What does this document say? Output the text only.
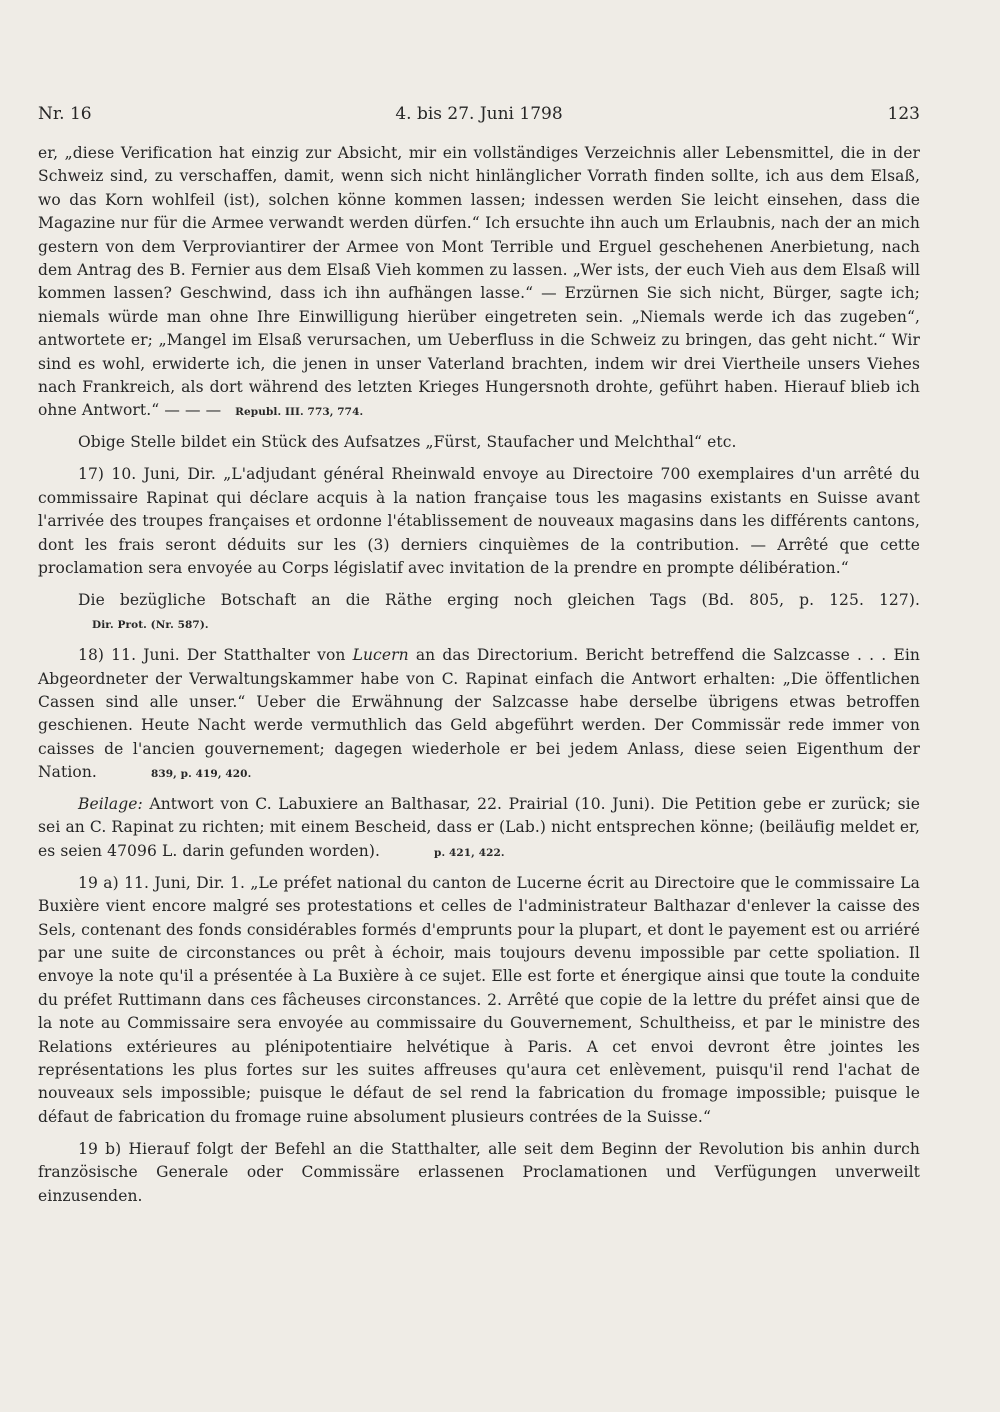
Nr. 16	4. bis 27. Juni 1798	123

er, „diese Verification hat einzig zur Absicht, mir ein vollständiges Verzeichnis aller Lebensmittel, die in der Schweiz sind, zu verschaffen, damit, wenn sich nicht hinlänglicher Vorrath finden sollte, ich aus dem Elsaß, wo das Korn wohlfeil (ist), solchen könne kommen lassen; indessen werden Sie leicht einsehen, dass die Magazine nur für die Armee verwandt werden dürfen.“ Ich ersuchte ihn auch um Erlaubnis, nach der an mich gestern von dem Verproviantirer der Armee von Mont Terrible und Erguel geschehenen Anerbietung, nach dem Antrag des B. Fernier aus dem Elsaß Vieh kommen zu lassen. „Wer ists, der euch Vieh aus dem Elsaß will kommen lassen? Geschwind, dass ich ihn aufhängen lasse.“ — Erzürnen Sie sich nicht, Bürger, sagte ich; niemals würde man ohne Ihre Einwilligung hierüber eingetreten sein. „Niemals werde ich das zugeben“, antwortete er; „Mangel im Elsaß verursachen, um Ueberfluss in die Schweiz zu bringen, das geht nicht.“ Wir sind es wohl, erwiderte ich, die jenen in unser Vaterland brachten, indem wir drei Viertheile unsers Viehes nach Frankreich, als dort während des letzten Krieges Hungersnoth drohte, geführt haben. Hierauf blieb ich ohne Antwort.“ — — — Republ. III. 773, 774.

Obige Stelle bildet ein Stück des Aufsatzes „Fürst, Staufacher und Melchthal“ etc.

17) 10. Juni, Dir. „L'adjudant général Rheinwald envoye au Directoire 700 exemplaires d'un arrêté du commissaire Rapinat qui déclare acquis à la nation française tous les magasins existants en Suisse avant l'arrivée des troupes françaises et ordonne l'établissement de nouveaux magasins dans les différents cantons, dont les frais seront déduits sur les (3) derniers cinquièmes de la contribution. — Arrêté que cette proclamation sera envoyée au Corps législatif avec invitation de la prendre en prompte délibération.“

Die bezügliche Botschaft an die Räthe erging noch gleichen Tags (Bd. 805, p. 125. 127).Dir. Prot. (Nr. 587).

18) 11. Juni. Der Statthalter von Lucern an das Directorium. Bericht betreffend die Salzcasse . . . Ein Abgeordneter der Verwaltungskammer habe von C. Rapinat einfach die Antwort erhalten: „Die öffentlichen Cassen sind alle unser.“ Ueber die Erwähnung der Salzcasse habe derselbe übrigens etwas betroffen geschienen. Heute Nacht werde vermuthlich das Geld abgeführt werden. Der Commissär rede immer von caisses de l'ancien gouvernement; dagegen wiederhole er bei jedem Anlass, diese seien Eigenthum der Nation.	839, p. 419, 420.

Beilage: Antwort von C. Labuxiere an Balthasar, 22. Prairial (10. Juni). Die Petition gebe er zurück; sie sei an C. Rapinat zu richten; mit einem Bescheid, dass er (Lab.) nicht entsprechen könne; (beiläufig meldet er, es seien 47096 L. darin gefunden worden).	p. 421, 422.

19 a) 11. Juni, Dir. 1. „Le préfet national du canton de Lucerne écrit au Directoire que le commissaire La Buxière vient encore malgré ses protestations et celles de l'administrateur Balthazar d'enlever la caisse des Sels, contenant des fonds considérables formés d'emprunts pour la plupart, et dont le payement est ou arriéré par une suite de circonstances ou prêt à échoir, mais toujours devenu impossible par cette spoliation. Il envoye la note qu'il a présentée à La Buxière à ce sujet. Elle est forte et énergique ainsi que toute la conduite du préfet Ruttimann dans ces fâcheuses circonstances. 2. Arrêté que copie de la lettre du préfet ainsi que de la note au Commissaire sera envoyée au commissaire du Gouvernement, Schultheiss, et par le ministre des Relations extérieures au plénipotentiaire helvétique à Paris. A cet envoi devront être jointes les représentations les plus fortes sur les suites affreuses qu'aura cet enlèvement, puisqu'il rend l'achat de nouveaux sels impossible; puisque le défaut de sel rend la fabrication du fromage impossible; puisque le défaut de fabrication du fromage ruine absolument plusieurs contrées de la Suisse.“

19 b) Hierauf folgt der Befehl an die Statthalter, alle seit dem Beginn der Revolution bis anhin durch französische Generale oder Commissäre erlassenen Proclamationen und Verfügungen unverweilt einzusenden.
